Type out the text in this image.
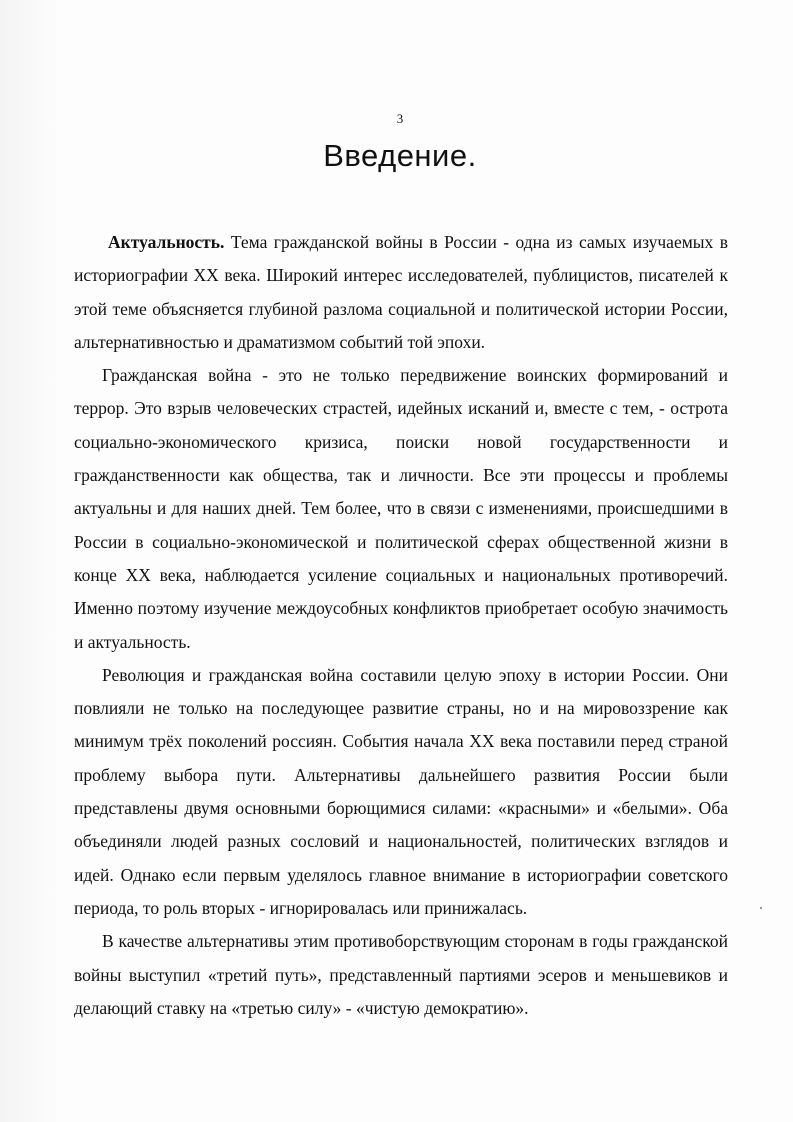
3
Введение.

Актуальность. Тема гражданской войны в России - одна из самых изучаемых в историографии XX века. Широкий интерес исследователей, публицистов, писателей к этой теме объясняется глубиной разлома социальной и политической истории России, альтернативностью и драматизмом событий той эпохи.

Гражданская война - это не только передвижение воинских формирований и террор. Это взрыв человеческих страстей, идейных исканий и, вместе с тем, - острота социально-экономического кризиса, поиски новой государственности и гражданственности как общества, так и личности. Все эти процессы и проблемы актуальны и для наших дней. Тем более, что в связи с изменениями, происшедшими в России в социально-экономической и политической сферах общественной жизни в конце XX века, наблюдается усиление социальных и национальных противоречий. Именно поэтому изучение междоусобных конфликтов приобретает особую значимость и актуальность.

Революция и гражданская война составили целую эпоху в истории России. Они повлияли не только на последующее развитие страны, но и на мировоззрение как минимум трёх поколений россиян. События начала XX века поставили перед страной проблему выбора пути. Альтернативы дальнейшего развития России были представлены двумя основными борющимися силами: «красными» и «белыми». Оба объединяли людей разных сословий и национальностей, политических взглядов и идей. Однако если первым уделялось главное внимание в историографии советского периода, то роль вторых - игнорировалась или принижалась.

В качестве альтернативы этим противоборствующим сторонам в годы гражданской войны выступил «третий путь», представленный партиями эсеров и меньшевиков и делающий ставку на «третью силу» - «чистую демократию».
